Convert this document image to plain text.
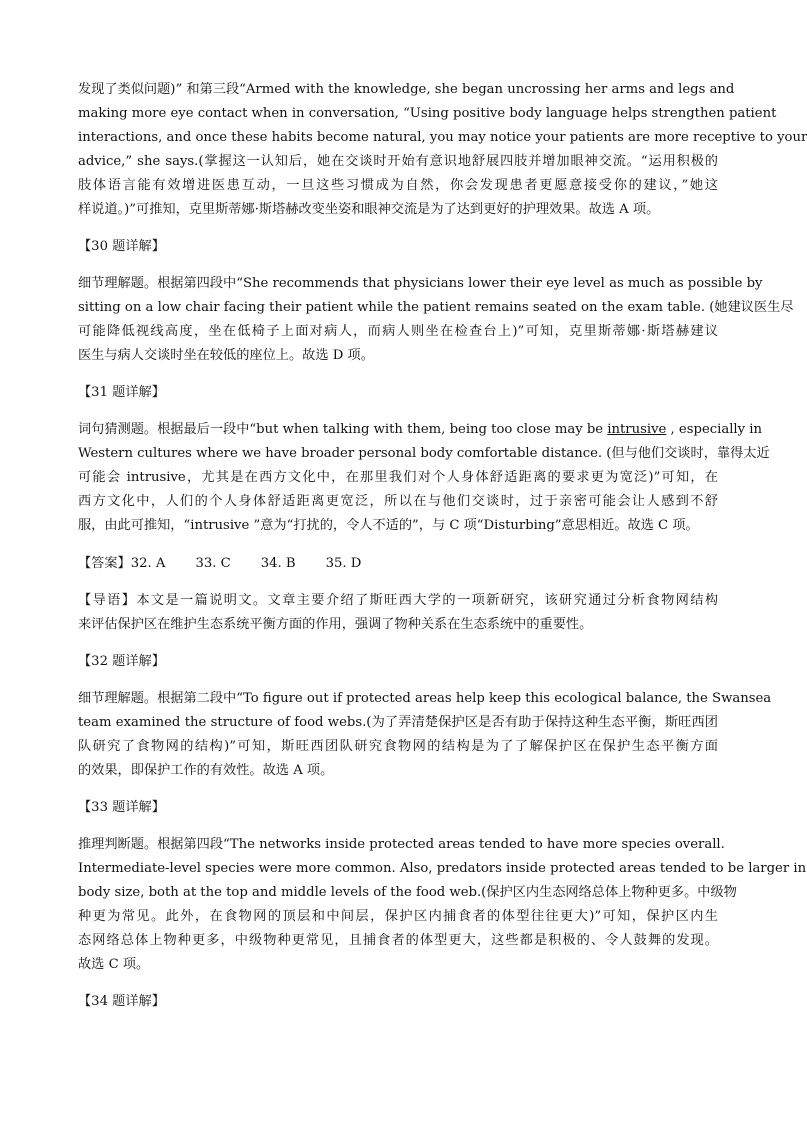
发现了类似问题)” 和第三段“Armed with the knowledge, she began uncrossing her arms and legs and
making more eye contact when in conversation, “Using positive body language helps strengthen patient
interactions, and once these habits become natural, you may notice your patients are more receptive to your
advice,” she says.(掌握这一认知后，她在交谈时开始有意识地舒展四肢并增加眼神交流。“运用积极的
肢体语言能有效增进医患互动，一旦这些习惯成为自然，你会发现患者更愿意接受你的建议，”她这
样说道。)”可推知，克里斯蒂娜·斯塔赫改变坐姿和眼神交流是为了达到更好的护理效果。故选 A 项。
【30 题详解】
细节理解题。根据第四段中“She recommends that physicians lower their eye level as much as possible by
sitting on a low chair facing their patient while the patient remains seated on the exam table. (她建议医生尽
可能降低视线高度，坐在低椅子上面对病人，而病人则坐在检查台上)”可知，克里斯蒂娜·斯塔赫建议
医生与病人交谈时坐在较低的座位上。故选 D 项。
【31 题详解】
词句猜测题。根据最后一段中“but when talking with them, being too close may be intrusive , especially in
Western cultures where we have broader personal body comfortable distance. (但与他们交谈时，靠得太近
可能会 intrusive，尤其是在西方文化中，在那里我们对个人身体舒适距离的要求更为宽泛)”可知，在
西方文化中，人们的个人身体舒适距离更宽泛，所以在与他们交谈时，过于亲密可能会让人感到不舒
服，由此可推知，“intrusive ”意为“打扰的，令人不适的”，与 C 项“Disturbing”意思相近。故选 C 项。
【答案】32. A 33. C 34. B 35. D
【导语】本文是一篇说明文。文章主要介绍了斯旺西大学的一项新研究，该研究通过分析食物网结构
来评估保护区在维护生态系统平衡方面的作用，强调了物种关系在生态系统中的重要性。
【32 题详解】
细节理解题。根据第二段中“To figure out if protected areas help keep this ecological balance, the Swansea
team examined the structure of food webs.(为了弄清楚保护区是否有助于保持这种生态平衡，斯旺西团
队研究了食物网的结构)”可知，斯旺西团队研究食物网的结构是为了了解保护区在保护生态平衡方面
的效果，即保护工作的有效性。故选 A 项。
【33 题详解】
推理判断题。根据第四段“The networks inside protected areas tended to have more species overall.
Intermediate-level species were more common. Also, predators inside protected areas tended to be larger in
body size, both at the top and middle levels of the food web.(保护区内生态网络总体上物种更多。中级物
种更为常见。此外，在食物网的顶层和中间层，保护区内捕食者的体型往往更大)”可知，保护区内生
态网络总体上物种更多，中级物种更常见，且捕食者的体型更大，这些都是积极的、令人鼓舞的发现。
故选 C 项。
【34 题详解】
